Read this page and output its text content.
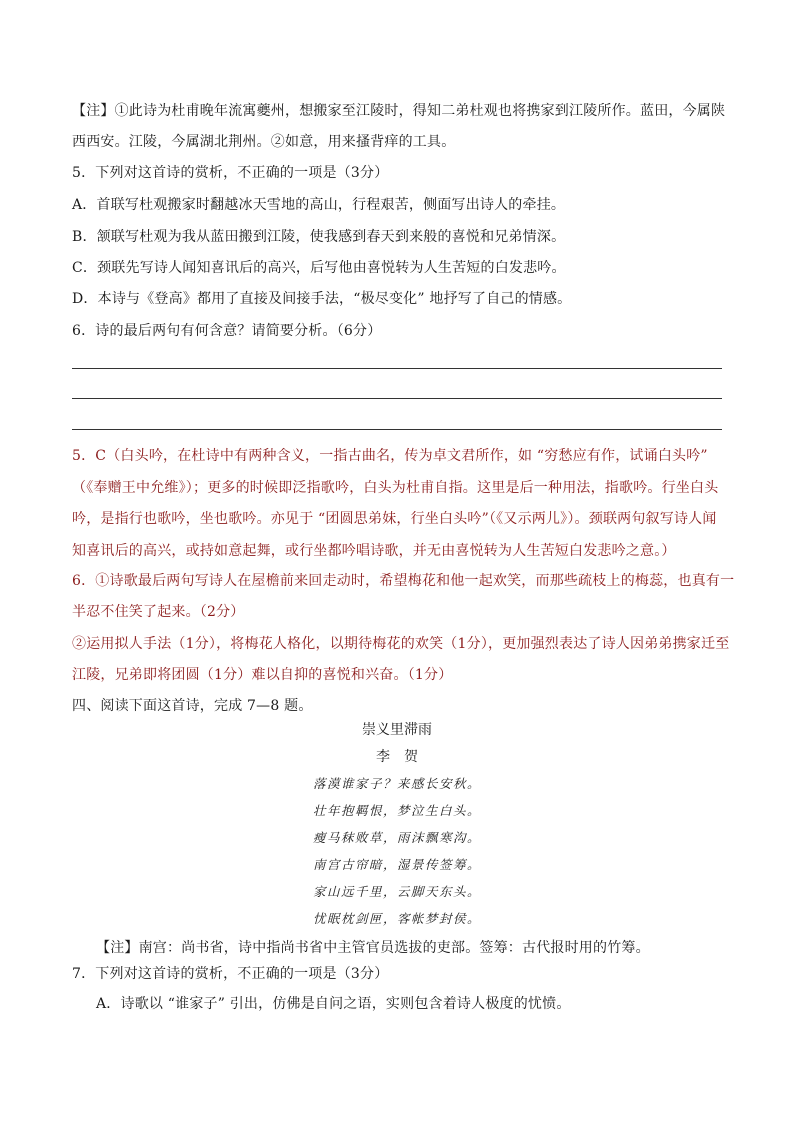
【注】①此诗为杜甫晚年流寓夔州，想搬家至江陵时，得知二弟杜观也将携家到江陵所作。蓝田，今属陕
西西安。江陵，今属湖北荆州。②如意，用来搔背痒的工具。
5．下列对这首诗的赏析，不正确的一项是（3分）
A．首联写杜观搬家时翻越冰天雪地的高山，行程艰苦，侧面写出诗人的牵挂。
B．颔联写杜观为我从蓝田搬到江陵，使我感到春天到来般的喜悦和兄弟情深。
C．颈联先写诗人闻知喜讯后的高兴，后写他由喜悦转为人生苦短的白发悲吟。
D．本诗与《登高》都用了直接及间接手法，“极尽变化” 地抒写了自己的情感。
6．诗的最后两句有何含意？请简要分析。（6分）
5．C（白头吟，在杜诗中有两种含义，一指古曲名，传为卓文君所作，如 “穷愁应有作，试诵白头吟”
（《奉赠王中允维》）；更多的时候即泛指歌吟，白头为杜甫自指。这里是后一种用法，指歌吟。行坐白头
吟，是指行也歌吟，坐也歌吟。亦见于 “团圆思弟妹，行坐白头吟”（《又示两儿》）。颈联两句叙写诗人闻
知喜讯后的高兴，或持如意起舞，或行坐都吟唱诗歌，并无由喜悦转为人生苦短白发悲吟之意。）
6．①诗歌最后两句写诗人在屋檐前来回走动时，希望梅花和他一起欢笑，而那些疏枝上的梅蕊，也真有一
半忍不住笑了起来。（2分）
②运用拟人手法（1分），将梅花人格化，以期待梅花的欢笑（1分），更加强烈表达了诗人因弟弟携家迁至
江陵，兄弟即将团圆（1分）难以自抑的喜悦和兴奋。（1分）
四、阅读下面这首诗，完成 7—8 题。
崇义里滞雨
李　贺
落漠谁家子？来感长安秋。
壮年抱羁恨，梦泣生白头。
瘦马秣败草，雨沫飘寒沟。
南宫古帘暗，湿景传签筹。
家山远千里，云脚天东头。
忧眠枕剑匣，客帐梦封侯。
【注】南宫：尚书省，诗中指尚书省中主管官员选拔的吏部。签筹：古代报时用的竹筹。
7．下列对这首诗的赏析，不正确的一项是（3分）
A．诗歌以 “谁家子” 引出，仿佛是自问之语，实则包含着诗人极度的忧愤。
